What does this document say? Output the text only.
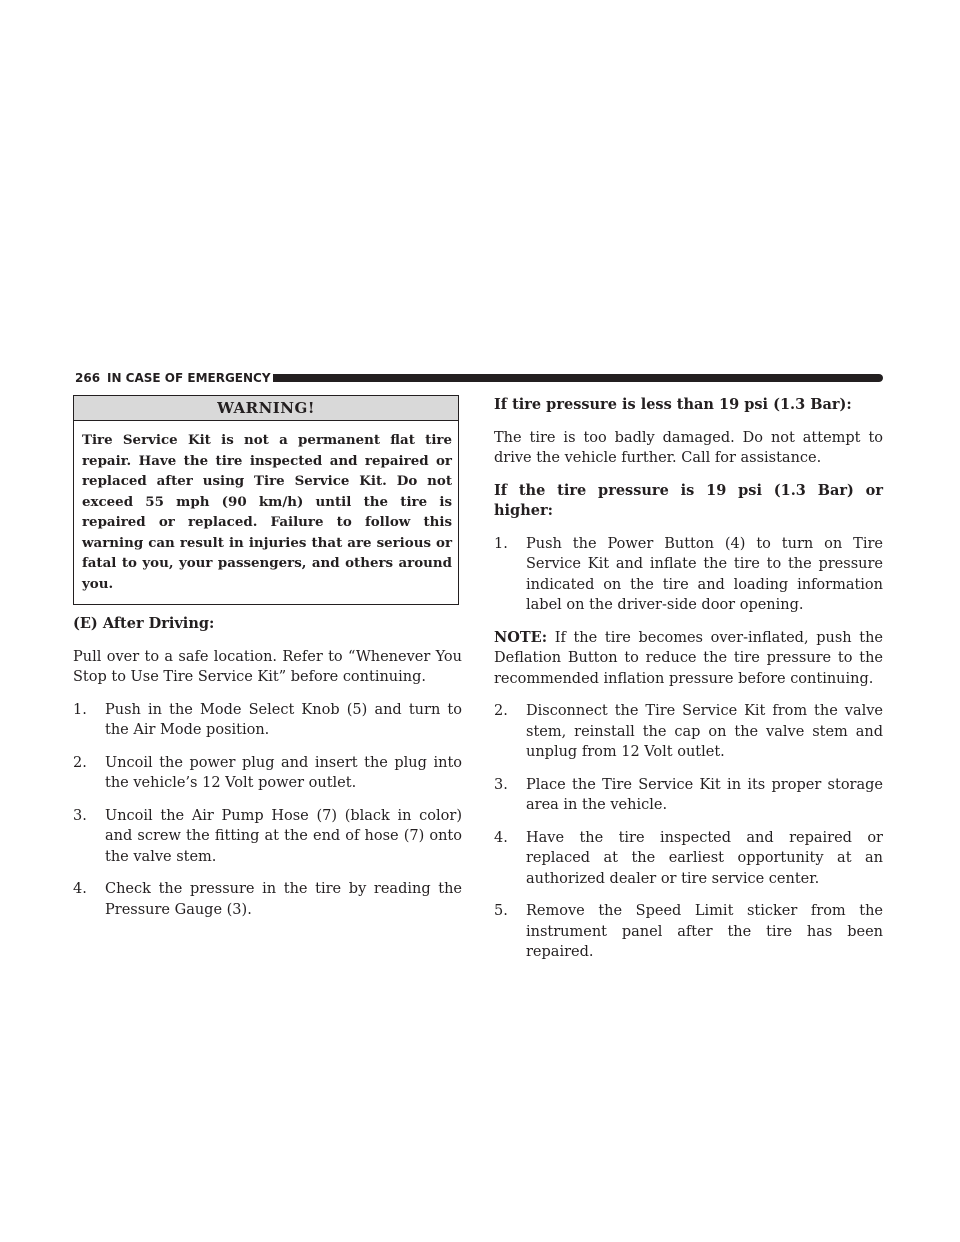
266 IN CASE OF EMERGENCY
WARNING!
Tire Service Kit is not a permanent flat tire repair. Have the tire inspected and repaired or replaced after using Tire Service Kit. Do not exceed 55 mph (90 km/h) until the tire is repaired or replaced. Failure to follow this warning can result in injuries that are serious or fatal to you, your passengers, and others around you.

(E) After Driving:

Pull over to a safe location. Refer to “Whenever You Stop to Use Tire Service Kit” before continuing.

1. Push in the Mode Select Knob (5) and turn to the Air Mode position.
2. Uncoil the power plug and insert the plug into the vehicle’s 12 Volt power outlet.
3. Uncoil the Air Pump Hose (7) (black in color) and screw the fitting at the end of hose (7) onto the valve stem.
4. Check the pressure in the tire by reading the Pressure Gauge (3).

If tire pressure is less than 19 psi (1.3 Bar):

The tire is too badly damaged. Do not attempt to drive the vehicle further. Call for assistance.

If the tire pressure is 19 psi (1.3 Bar) or higher:

1. Push the Power Button (4) to turn on Tire Service Kit and inflate the tire to the pressure indicated on the tire and loading information label on the driver-side door opening.

NOTE: If the tire becomes over-inflated, push the Deflation Button to reduce the tire pressure to the recommended inflation pressure before continuing.

2. Disconnect the Tire Service Kit from the valve stem, reinstall the cap on the valve stem and unplug from 12 Volt outlet.
3. Place the Tire Service Kit in its proper storage area in the vehicle.
4. Have the tire inspected and repaired or replaced at the earliest opportunity at an authorized dealer or tire service center.
5. Remove the Speed Limit sticker from the instrument panel after the tire has been repaired.
